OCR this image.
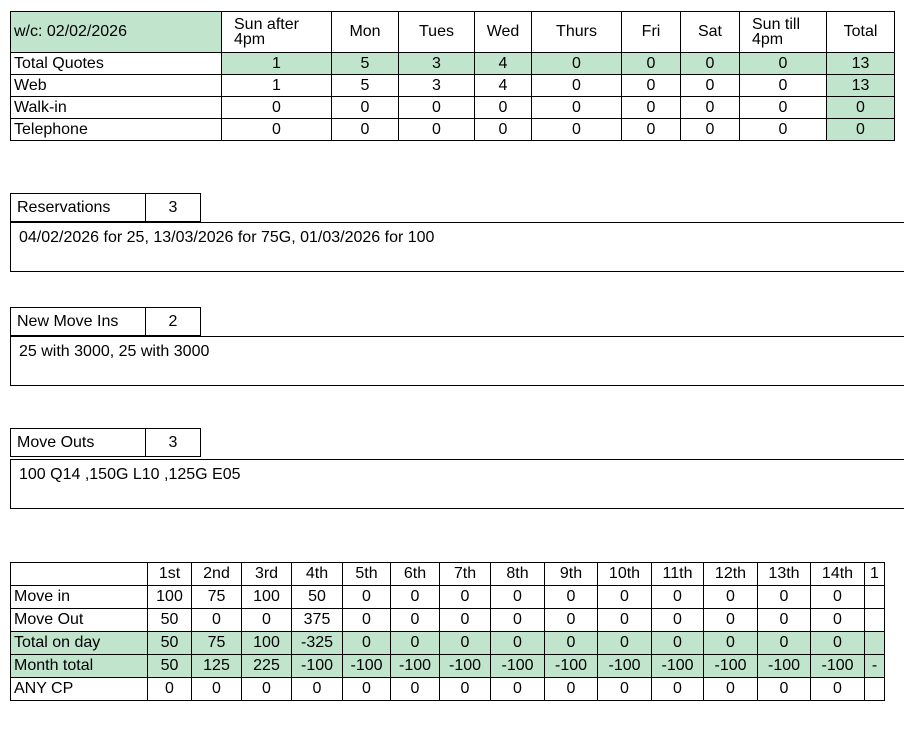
w/c: 02/02/2026	Sun after 4pm	Mon	Tues	Wed	Thurs	Fri	Sat	Sun till 4pm	Total
Total Quotes	1	5	3	4	0	0	0	0	13
Web	1	5	3	4	0	0	0	0	13
Walk-in	0	0	0	0	0	0	0	0	0
Telephone	0	0	0	0	0	0	0	0	0
Reservations	3
04/02/2026 for 25, 13/03/2026 for 75G, 01/03/2026 for 100
New Move Ins	2
25 with 3000, 25 with 3000
Move Outs	3
100 Q14 ,150G L10 ,125G E05
	1st	2nd	3rd	4th	5th	6th	7th	8th	9th	10th	11th	12th	13th	14th	1
Move in	100	75	100	50	0	0	0	0	0	0	0	0	0	0	
Move Out	50	0	0	375	0	0	0	0	0	0	0	0	0	0	
Total on day	50	75	100	-325	0	0	0	0	0	0	0	0	0	0	
Month total	50	125	225	-100	-100	-100	-100	-100	-100	-100	-100	-100	-100	-100	-
ANY CP	0	0	0	0	0	0	0	0	0	0	0	0	0	0	
